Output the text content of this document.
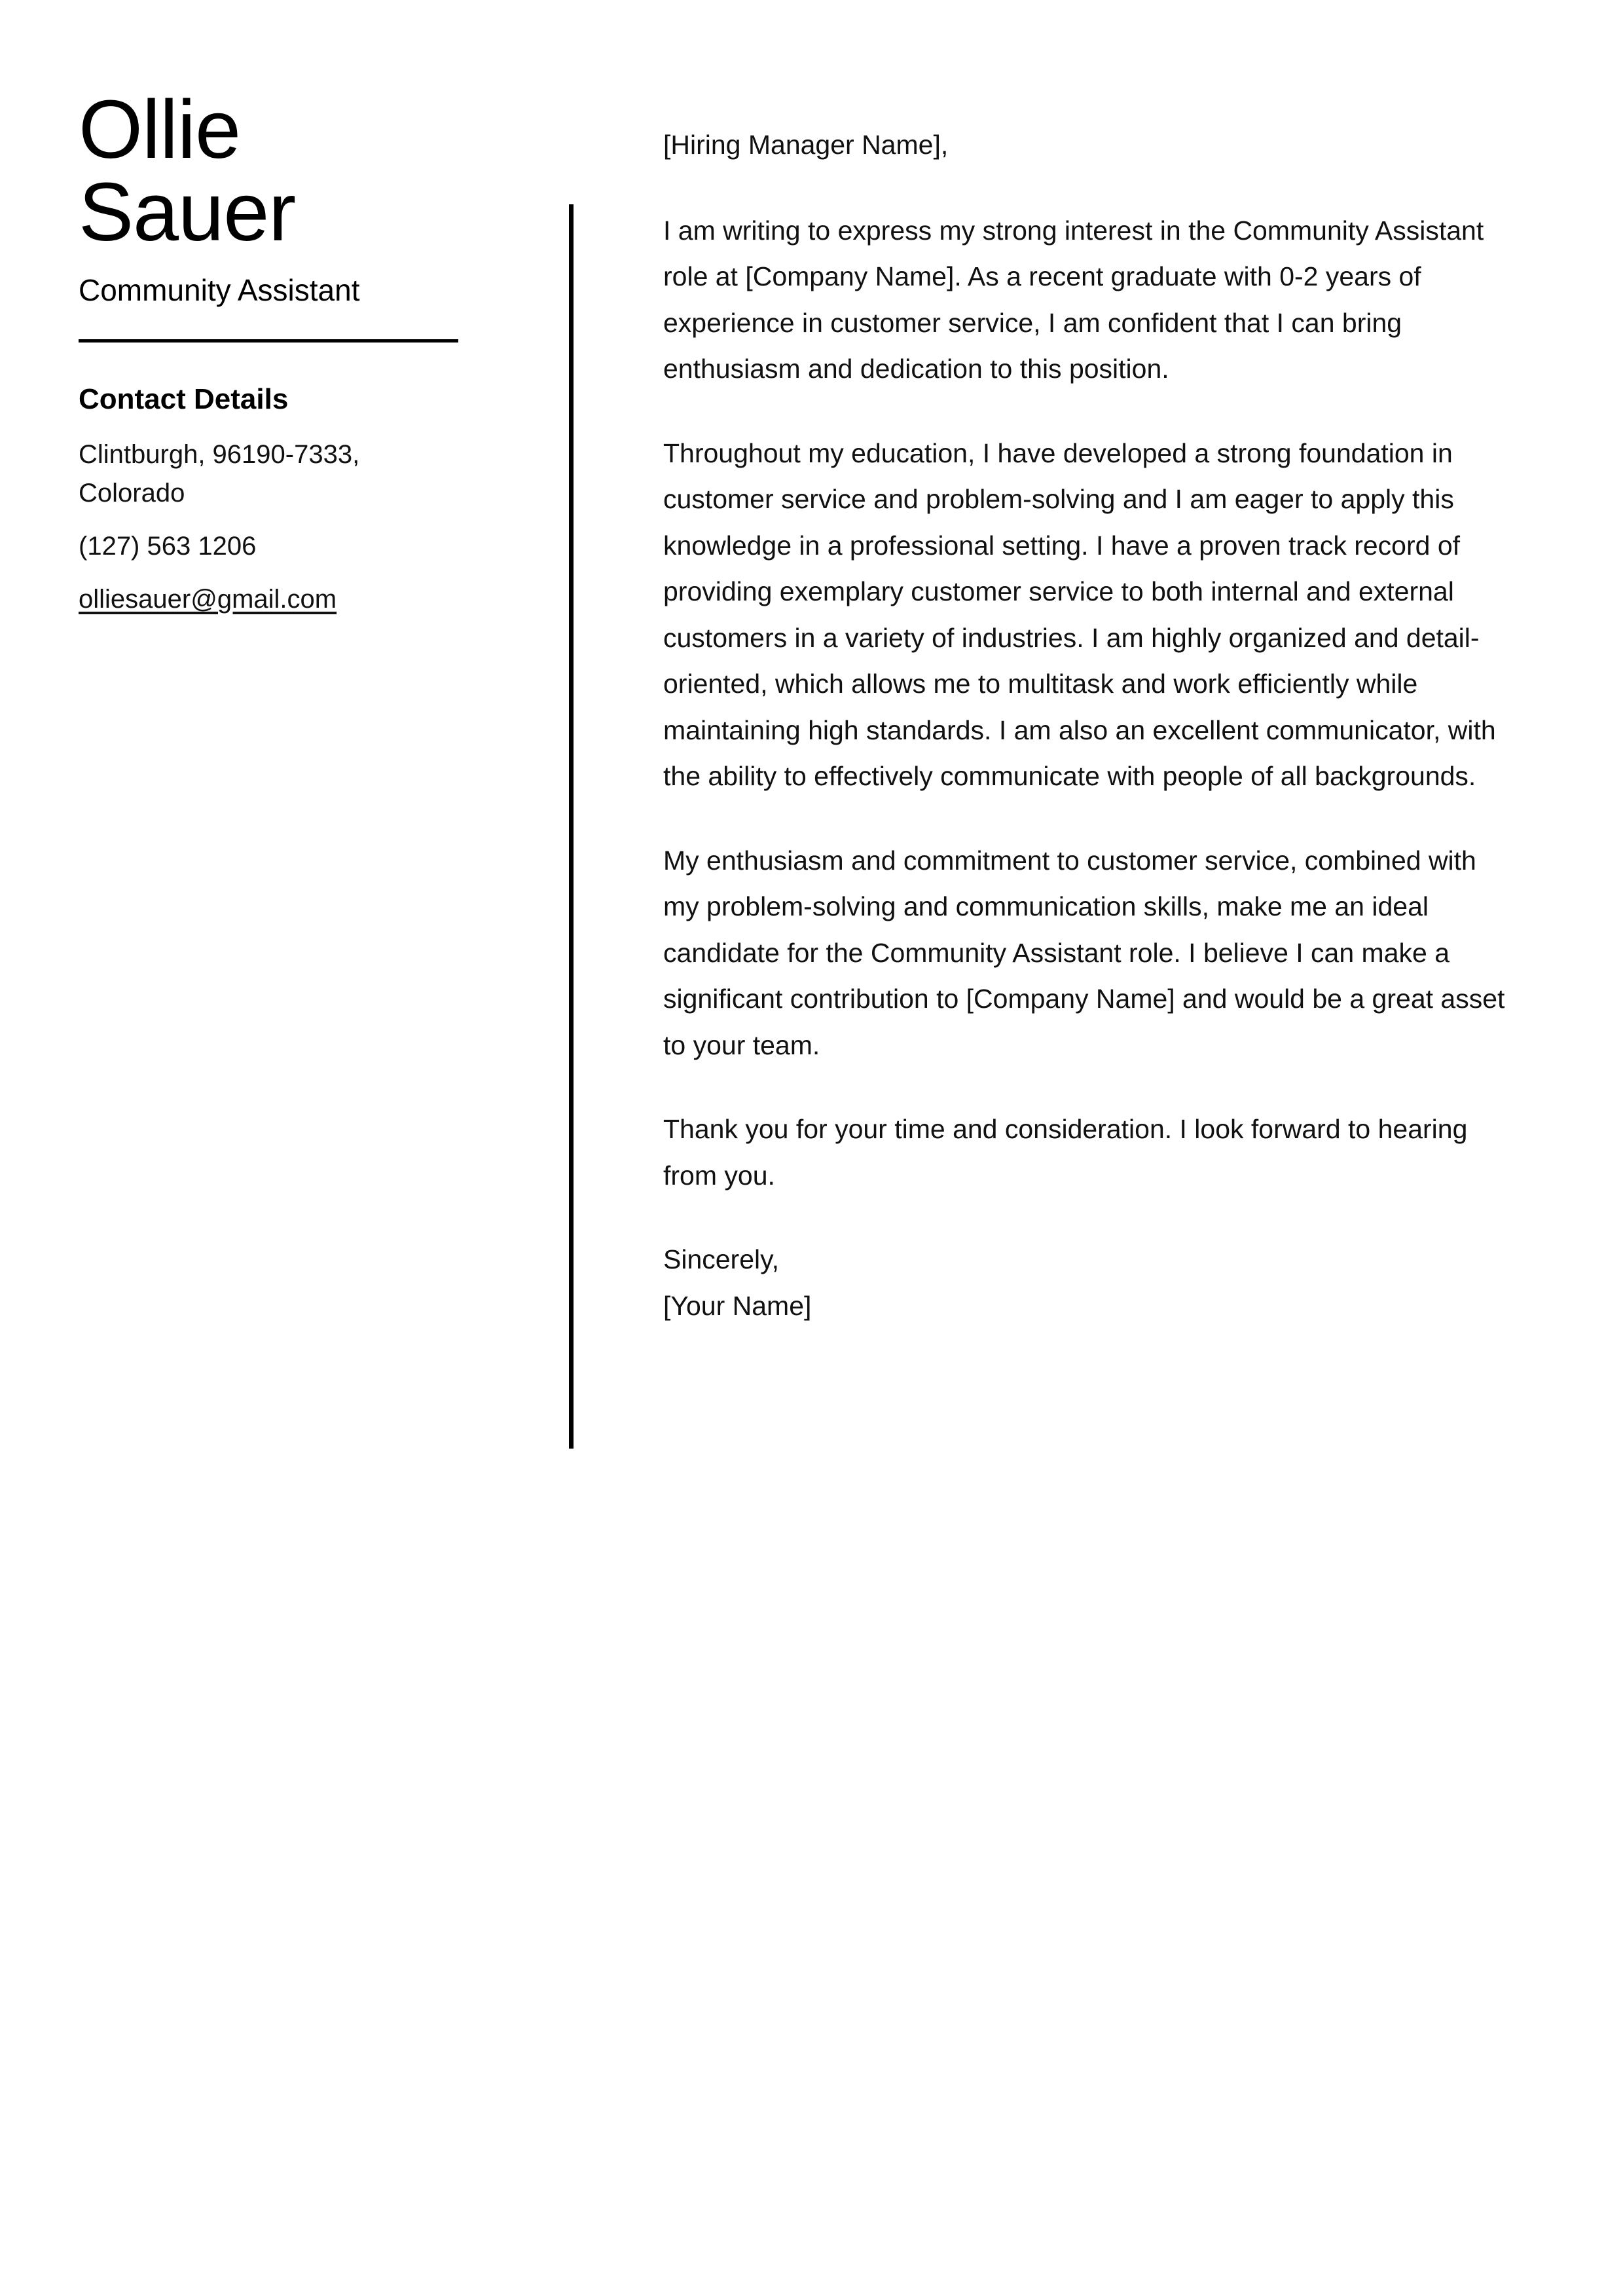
Ollie
Sauer
Community Assistant
Contact Details
Clintburgh, 96190-7333, Colorado
(127) 563 1206
olliesauer@gmail.com

[Hiring Manager Name],

I am writing to express my strong interest in the Community Assistant role at [Company Name]. As a recent graduate with 0-2 years of experience in customer service, I am confident that I can bring enthusiasm and dedication to this position.

Throughout my education, I have developed a strong foundation in customer service and problem-solving and I am eager to apply this knowledge in a professional setting. I have a proven track record of providing exemplary customer service to both internal and external customers in a variety of industries. I am highly organized and detail-oriented, which allows me to multitask and work efficiently while maintaining high standards. I am also an excellent communicator, with the ability to effectively communicate with people of all backgrounds.

My enthusiasm and commitment to customer service, combined with my problem-solving and communication skills, make me an ideal candidate for the Community Assistant role. I believe I can make a significant contribution to [Company Name] and would be a great asset to your team.

Thank you for your time and consideration. I look forward to hearing from you.

Sincerely,
[Your Name]
